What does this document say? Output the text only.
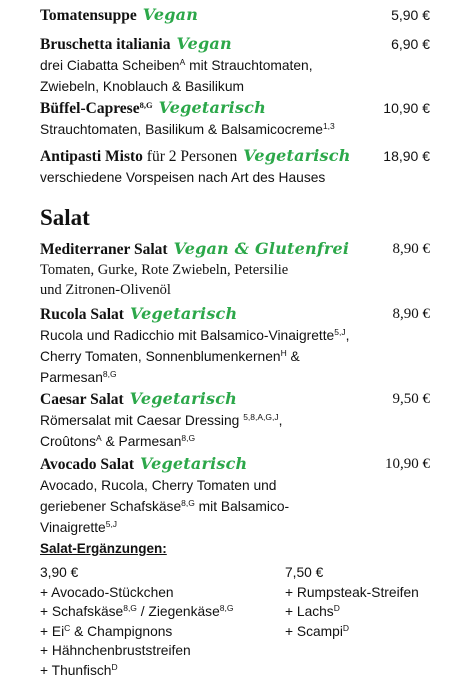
Tomatensuppe Vegan	5,90 €
Bruschetta italiania Vegan	6,90 €
drei Ciabatta Scheiben$^A$ mit Strauchtomaten,
Zwiebeln, Knoblauch & Basilikum
Büffel-Caprese$^{8,G}$ Vegetarisch	10,90 €
Strauchtomaten, Basilikum & Balsamicocreme$^{1,3}$
Antipasti Misto für 2 Personen Vegetarisch	18,90 €
verschiedene Vorspeisen nach Art des Hauses
Salat
Mediterraner Salat Vegan & Glutenfrei	8,90 €
Tomaten, Gurke, Rote Zwiebeln, Petersilie
und Zitronen-Olivenöl
Rucola Salat Vegetarisch	8,90 €
Rucola und Radicchio mit Balsamico-Vinaigrette$^{5,J}$,
Cherry Tomaten, Sonnenblumenkernen$^H$ &
Parmesan$^{8,G}$
Caesar Salat Vegetarisch	9,50 €
Römersalat mit Caesar Dressing $^{5,8,A,G,J}$,
Croûtons$^A$ & Parmesan$^{8,G}$
Avocado Salat Vegetarisch	10,90 €
Avocado, Rucola, Cherry Tomaten und
geriebener Schafskäse$^{8,G}$ mit Balsamico-
Vinaigrette$^{5,J}$
Salat-Ergänzungen:
3,90 €
+ Avocado-Stückchen
+ Schafskäse$^{8,G}$ / Ziegenkäse$^{8,G}$
+ $Ei^C$ & Champignons
+ Hähnchenbruststreifen
+ Thunfisch$^D$
7,50 €
+ Rumpsteak-Streifen
+ Lachs$^D$
+ Scampi$^D$
